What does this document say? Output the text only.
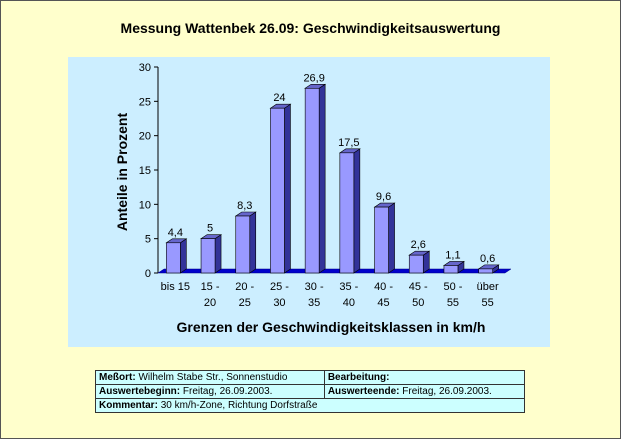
Messung Wattenbek 26.09: Geschwindigkeitsauswertung
0
5
10
15
20
25
30
4,4
bis 15
5
15 -20
8,3
20 -25
24
25 -30
26,9
30 -35
17,5
35 -40
9,6
40 -45
2,6
45 -50
1,1
50 -55
0,6
über 55
Anteile in Prozent
Grenzen der Geschwindigkeitsklassen in km/h
Meßort: Wilhelm Stabe Str., Sonnenstudio	Bearbeitung:
Auswertebeginn: Freitag, 26.09.2003.	Auswerteende: Freitag, 26.09.2003.
Kommentar: 30 km/h-Zone, Richtung Dorfstraße	
